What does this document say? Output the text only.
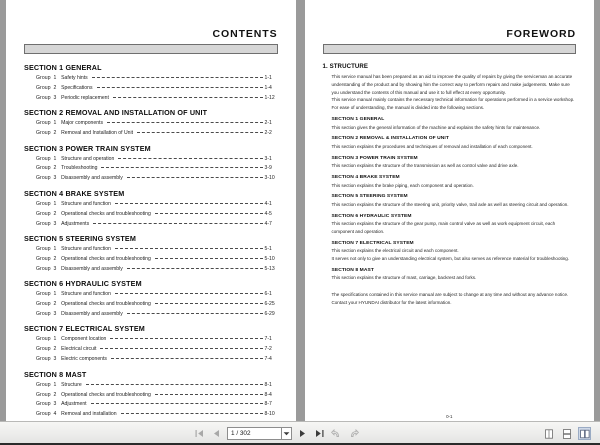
CONTENTS
SECTION 1 GENERAL
Group 1 Safety hints	1-1
Group 2 Specifications	1-4
Group 3 Periodic replacement	1-12
SECTION 2 REMOVAL AND INSTALLATION OF UNIT
Group 1 Major components	2-1
Group 2 Removal and Installation of Unit	2-2
SECTION 3 POWER TRAIN SYSTEM
Group 1 Structure and operation	3-1
Group 2 Troubleshooting	3-9
Group 3 Disassembly and assembly	3-10
SECTION 4 BRAKE SYSTEM
Group 1 Structure and function	4-1
Group 2 Operational checks and troubleshooting	4-5
Group 3 Adjustments	4-7
SECTION 5 STEERING SYSTEM
Group 1 Structure and function	5-1
Group 2 Operational checks and troubleshooting	5-10
Group 3 Disassembly and assembly	5-13
SECTION 6 HYDRAULIC SYSTEM
Group 1 Structure and function	6-1
Group 2 Operational checks and troubleshooting	6-25
Group 3 Disassembly and assembly	6-29
SECTION 7 ELECTRICAL SYSTEM
Group 1 Component location	7-1
Group 2 Electrical circuit	7-2
Group 3 Electric components	7-4
SECTION 8 MAST
Group 1 Structure	8-1
Group 2 Operational checks and troubleshooting	8-4
Group 3 Adjustment	8-7
Group 4 Removal and installation	8-10
FOREWORD
1. STRUCTURE
This service manual has been prepared as an aid to improve the quality of repairs by giving the serviceman an accurate understanding of the product and by showing him the correct way to perform repairs and make judgements. Make sure you understand the contents of this manual and use it to full effect at every opportunity.
This service manual mainly contains the necessary technical information for operations performed in a service workshop.
For ease of understanding, the manual is divided into the following sections.
SECTION 1 GENERAL
This section gives the general information of the machine and explains the safety hints for maintenance.
SECTION 2 REMOVAL & INSTALLATION OF UNIT
This section explains the procedures and techniques of removal and installation of each component.
SECTION 3 POWER TRAIN SYSTEM
This section explains the structure of the transmission as well as control valve and drive axle.
SECTION 4 BRAKE SYSTEM
This section explains the brake piping, each component and operation.
SECTION 5 STEERING SYSTEM
This section explains the structure of the steering unit, priority valve, trail axle as well as steering circuit and operation.
SECTION 6 HYDRAULIC SYSTEM
This section explains the structure of the gear pump, main control valve as well as work equipment circuit, each component and operation.
SECTION 7 ELECTRICAL SYSTEM
This section explains the electrical circuit and each component.
It serves not only to give an understanding electrical system, but also serves as reference material for troubleshooting.
SECTION 8 MAST
This section explains the structure of mast, carriage, backrest and forks.
The specifications contained in this service manual are subject to change at any time and without any advance notice. Contact your HYUNDAI distributor for the latest information.
0-1
1 / 302
